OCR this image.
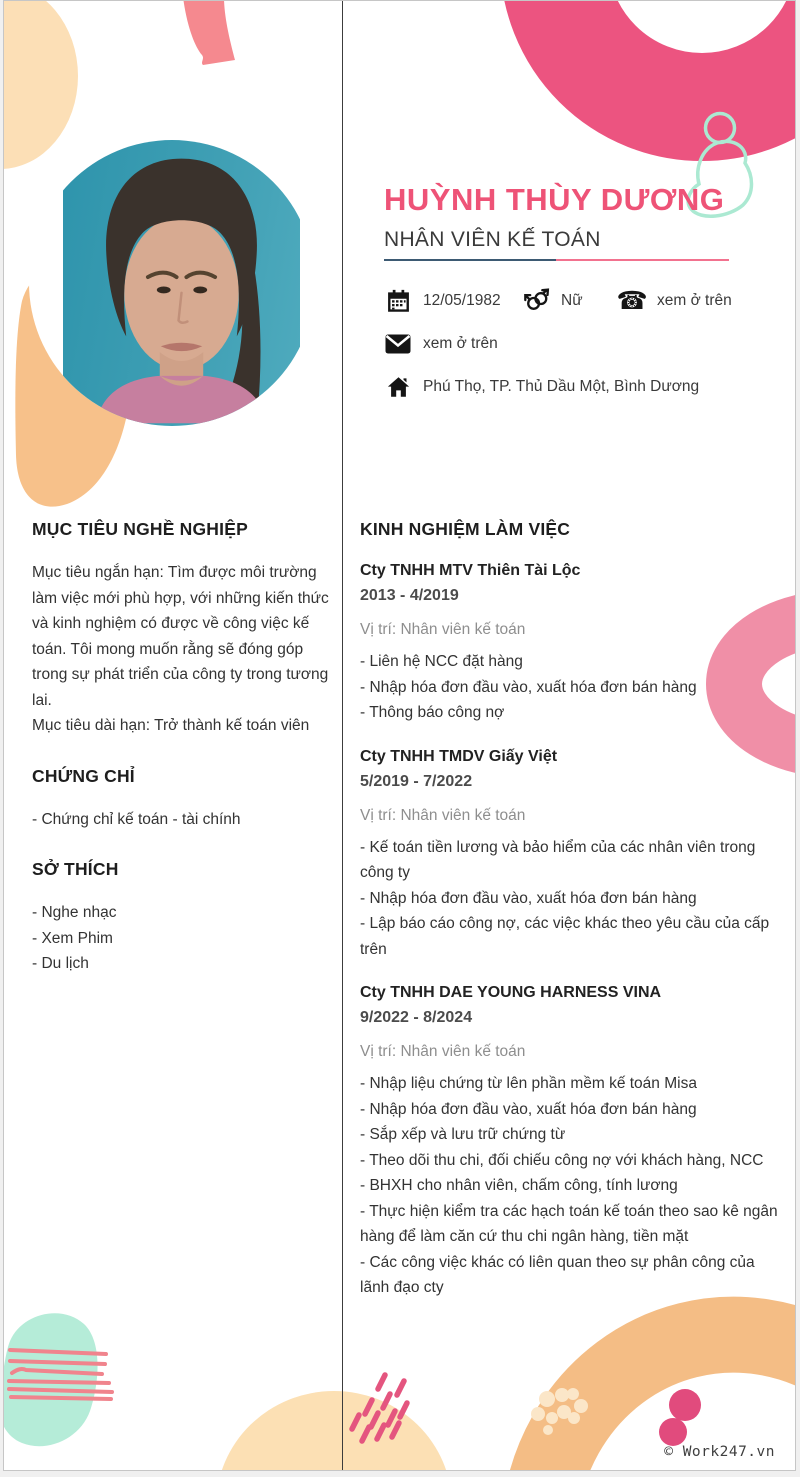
HUỲNH THÙY DƯƠNG
NHÂN VIÊN KẾ TOÁN
12/05/1982	Nữ ☎ xem ở trên
xem ở trên
Phú Thọ, TP. Thủ Dầu Một, Bình Dương
MỤC TIÊU NGHỀ NGHIỆP

Mục tiêu ngắn hạn: Tìm được môi trường làm việc mới phù hợp, với những kiến thức và kinh nghiệm có được về công việc kế toán. Tôi mong muốn rằng sẽ đóng góp trong sự phát triển của công ty trong tương lai.

Mục tiêu dài hạn: Trở thành kế toán viên

CHỨNG CHỈ
- Chứng chỉ kế toán - tài chính
SỞ THÍCH
- Nghe nhạc
- Xem Phim
- Du lịch
KINH NGHIỆM LÀM VIỆC
Cty TNHH MTV Thiên Tài Lộc
2013 - 4/2019
Vị trí: Nhân viên kế toán
- Liên hệ NCC đặt hàng
- Nhập hóa đơn đầu vào, xuất hóa đơn bán hàng
- Thông báo công nợ
Cty TNHH TMDV Giấy Việt
5/2019 - 7/2022
Vị trí: Nhân viên kế toán
- Kế toán tiền lương và bảo hiểm của các nhân viên trong công ty
- Nhập hóa đơn đầu vào, xuất hóa đơn bán hàng
- Lập báo cáo công nợ, các việc khác theo yêu cầu của cấp trên
Cty TNHH DAE YOUNG HARNESS VINA
9/2022 - 8/2024
Vị trí: Nhân viên kế toán
- Nhập liệu chứng từ lên phần mềm kế toán Misa
- Nhập hóa đơn đầu vào, xuất hóa đơn bán hàng
- Sắp xếp và lưu trữ chứng từ
- Theo dõi thu chi, đối chiếu công nợ với khách hàng, NCC
- BHXH cho nhân viên, chấm công, tính lương
- Thực hiện kiểm tra các hạch toán kế toán theo sao kê ngân hàng để làm căn cứ thu chi ngân hàng, tiền mặt
- Các công việc khác có liên quan theo sự phân công của lãnh đạo cty
© Work247.vn
